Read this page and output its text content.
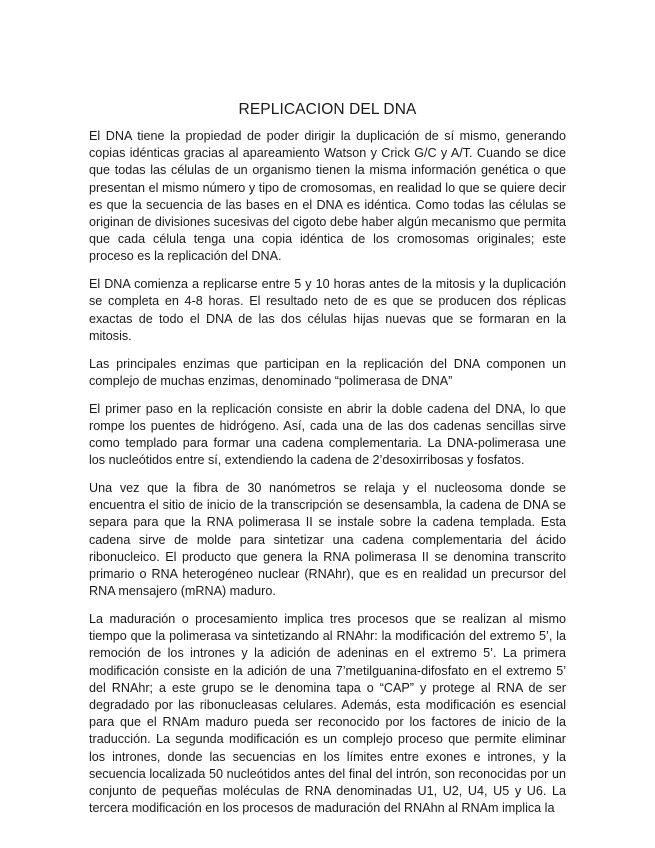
REPLICACION DEL DNA

El DNA tiene la propiedad de poder dirigir la duplicación de sí mismo, generando copias idénticas gracias al apareamiento Watson y Crick G/C y A/T. Cuando se dice que todas las células de un organismo tienen la misma información genética o que presentan el mismo número y tipo de cromosomas, en realidad lo que se quiere decir es que la secuencia de las bases en el DNA es idéntica. Como todas las células se originan de divisiones sucesivas del cigoto debe haber algún mecanismo que permita que cada célula tenga una copia idéntica de los cromosomas originales; este proceso es la replicación del DNA.

El DNA comienza a replicarse entre 5 y 10 horas antes de la mitosis y la duplicación se completa en 4-8 horas. El resultado neto de es que se producen dos réplicas exactas de todo el DNA de las dos células hijas nuevas que se formaran en la mitosis.

Las principales enzimas que participan en la replicación del DNA componen un complejo de muchas enzimas, denominado “polimerasa de DNA”

El primer paso en la replicación consiste en abrir la doble cadena del DNA, lo que rompe los puentes de hidrógeno. Así, cada una de las dos cadenas sencillas sirve como templado para formar una cadena complementaria. La DNA-polimerasa une los nucleótidos entre sí, extendiendo la cadena de 2’desoxirribosas y fosfatos.

Una vez que la fibra de 30 nanómetros se relaja y el nucleosoma donde se encuentra el sitio de inicio de la transcripción se desensambla, la cadena de DNA se separa para que la RNA polimerasa II se instale sobre la cadena templada. Esta cadena sirve de molde para sintetizar una cadena complementaria del ácido ribonucleico. El producto que genera la RNA polimerasa II se denomina transcrito primario o RNA heterogéneo nuclear (RNAhr), que es en realidad un precursor del RNA mensajero (mRNA) maduro.

La maduración o procesamiento implica tres procesos que se realizan al mismo tiempo que la polimerasa va sintetizando al RNAhr: la modificación del extremo 5’, la remoción de los intrones y la adición de adeninas en el extremo 5’. La primera modificación consiste en la adición de una 7’metilguanina-difosfato en el extremo 5’ del RNAhr; a este grupo se le denomina tapa o “CAP” y protege al RNA de ser degradado por las ribonucleasas celulares. Además, esta modificación es esencial para que el RNAm maduro pueda ser reconocido por los factores de inicio de la traducción. La segunda modificación es un complejo proceso que permite eliminar los intrones, donde las secuencias en los límites entre exones e intrones, y la secuencia localizada 50 nucleótidos antes del final del intrón, son reconocidas por un conjunto de pequeñas moléculas de RNA denominadas U1, U2, U4, U5 y U6. La tercera modificación en los procesos de maduración del RNAhn al RNAm implica la
